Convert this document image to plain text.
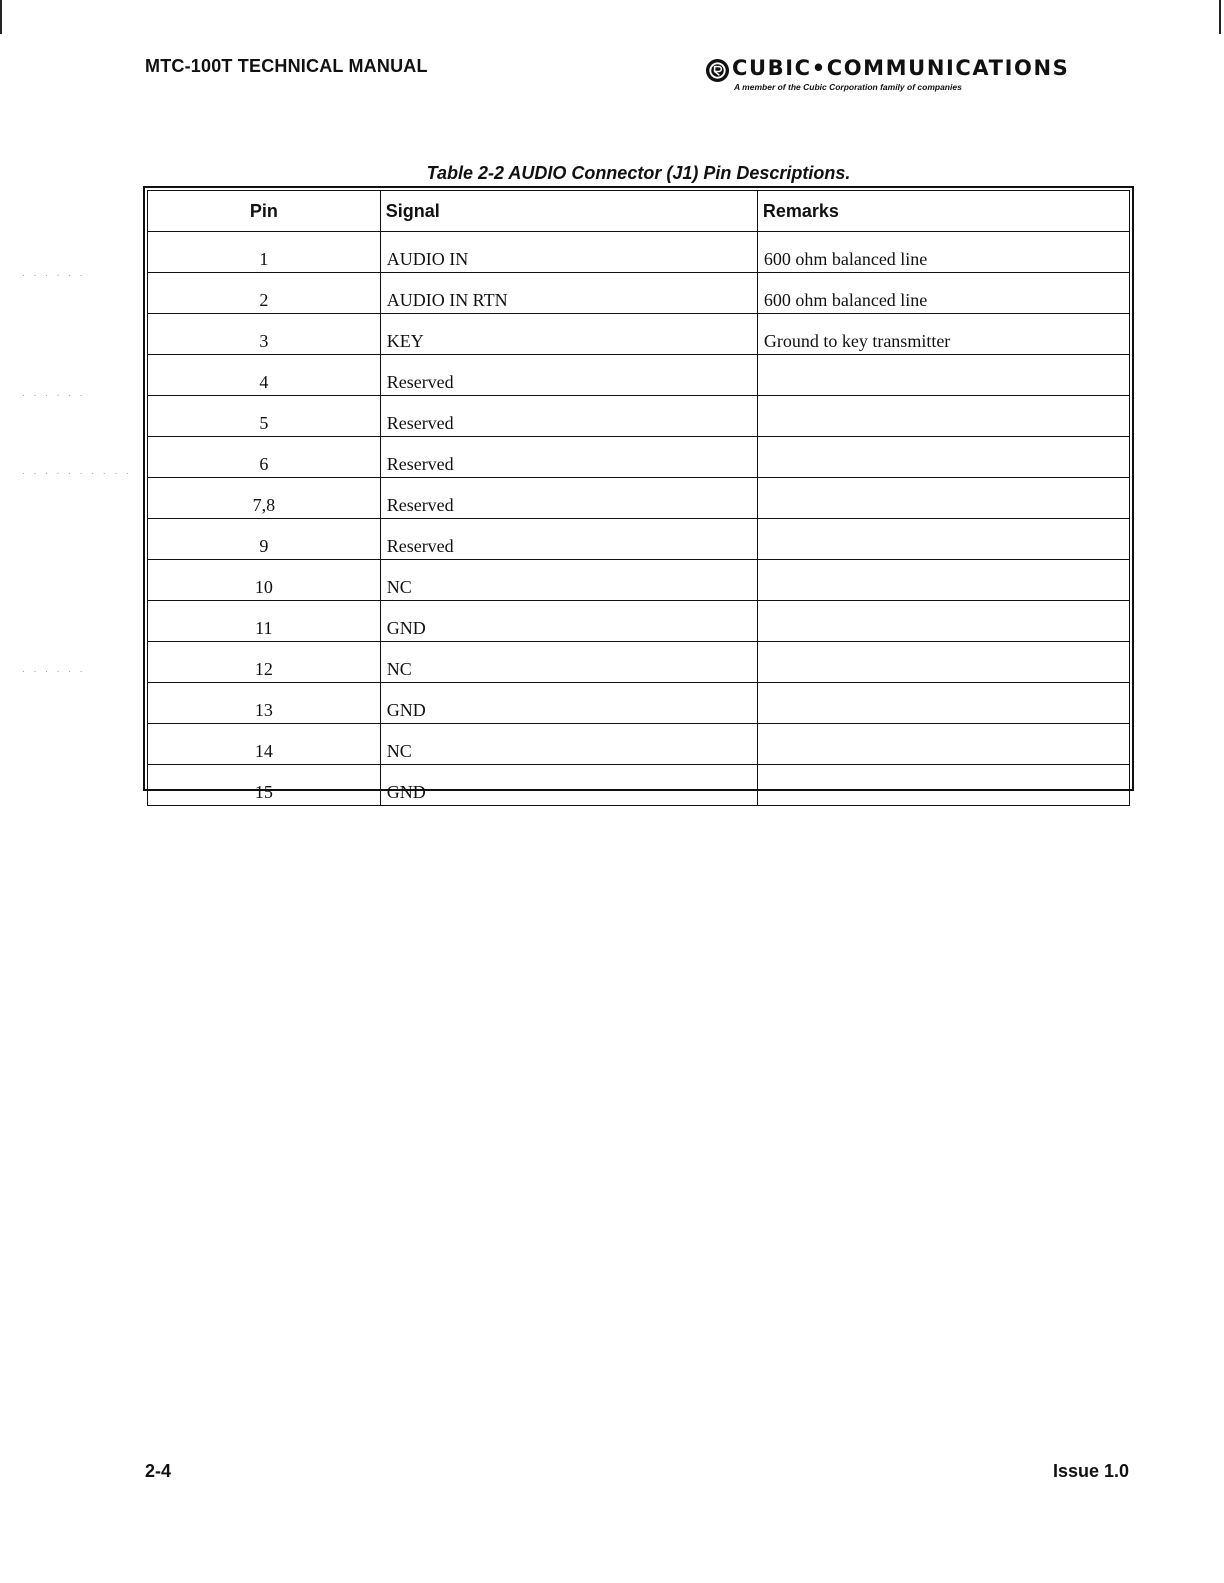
MTC-100T TECHNICAL MANUAL	CUBIC•COMMUNICATIONS
A member of the Cubic Corporation family of companies
Table 2-2 AUDIO Connector (J1) Pin Descriptions.
Pin	Signal	Remarks
1	AUDIO IN	600 ohm balanced line
2	AUDIO IN RTN	600 ohm balanced line
3	KEY	Ground to key transmitter
4	Reserved	
5	Reserved	
6	Reserved	
7,8	Reserved	
9	Reserved	
10	NC	
11	GND	
12	NC	
13	GND	
14	NC	
15	GND	
. . . . . .
. . . . . .
. . . . . . . . . .
. . . . . .
2-4	Issue 1.0
